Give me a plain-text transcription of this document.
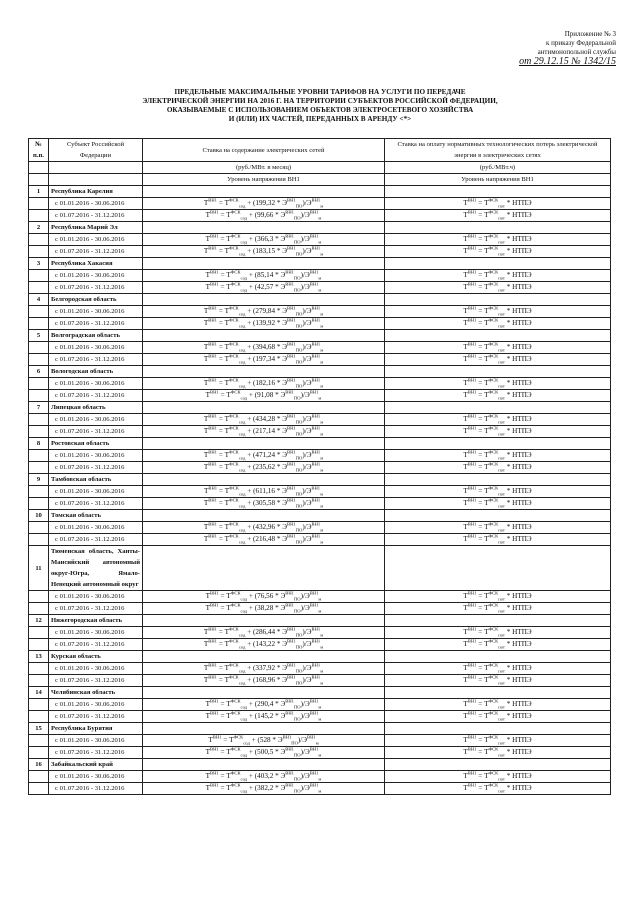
Приложение № 3
к приказу Федеральной
антимонопольной службы
от 29.12.15 № 1342/15
ПРЕДЕЛЬНЫЕ МАКСИМАЛЬНЫЕ УРОВНИ ТАРИФОВ НА УСЛУГИ ПО ПЕРЕДАЧЕ
ЭЛЕКТРИЧЕСКОЙ ЭНЕРГИИ НА 2016 Г. НА ТЕРРИТОРИИ СУБЪЕКТОВ РОССИЙСКОЙ ФЕДЕРАЦИИ,
ОКАЗЫВАЕМЫЕ С ИСПОЛЬЗОВАНИЕМ ОБЪЕКТОВ ЭЛЕКТРОСЕТЕВОГО ХОЗЯЙСТВА
И (ИЛИ) ИХ ЧАСТЕЙ, ПЕРЕДАННЫХ В АРЕНДУ <*>
№ п.п.	Субъект Российской Федерации	Ставка на содержание электрических сетей	Ставка на оплату нормативных технологических потерь электрической энергии в электрических сетях
		(руб./МВт. в месяц)	(руб./МВт.ч)
		Уровень напряжения ВН1	Уровень напряжения ВН1
1	Республика Карелия		
	с 01.01.2016 - 30.06.2016	$T^{ВН1} = T^{ФСК}_{сод} + (199,32 * Э^{ВН1}_{ПО})/Э^{ВН1}_м$	$T^{ВН1} = T^{ФСК}_{пот}$ * НТПЭ
	с 01.07.2016 - 31.12.2016	$T^{ВН1} = T^{ФСК}_{сод} + (99,66 * Э^{ВН1}_{ПО})/Э^{ВН1}_м$	$T^{ВН1} = T^{ФСК}_{пот}$ * НТПЭ
2	Республика Марий Эл		
	с 01.01.2016 - 30.06.2016	$T^{ВН1} = T^{ФСК}_{сод} + (366,3 * Э^{ВН1}_{ПО})/Э^{ВН1}_м$	$T^{ВН1} = T^{ФСК}_{пот}$ * НТПЭ
	с 01.07.2016 - 31.12.2016	$T^{ВН1} = T^{ФСК}_{сод} + (183,15 * Э^{ВН1}_{ПО})/Э^{ВН1}_м$	$T^{ВН1} = T^{ФСК}_{пот}$ * НТПЭ
3	Республика Хакасия		
	с 01.01.2016 - 30.06.2016	$T^{ВН1} = T^{ФСК}_{сод} + (85,14 * Э^{ВН1}_{ПО})/Э^{ВН1}_м$	$T^{ВН1} = T^{ФСК}_{пот}$ * НТПЭ
	с 01.07.2016 - 31.12.2016	$T^{ВН1} = T^{ФСК}_{сод} + (42,57 * Э^{ВН1}_{ПО})/Э^{ВН1}_м$	$T^{ВН1} = T^{ФСК}_{пот}$ * НТПЭ
4	Белгородская область		
	с 01.01.2016 - 30.06.2016	$T^{ВН1} = T^{ФСК}_{сод} + (279,84 * Э^{ВН1}_{ПО})/Э^{ВН1}_м$	$T^{ВН1} = T^{ФСК}_{пот}$ * НТПЭ
	с 01.07.2016 - 31.12.2016	$T^{ВН1} = T^{ФСК}_{сод} + (139,92 * Э^{ВН1}_{ПО})/Э^{ВН1}_м$	$T^{ВН1} = T^{ФСК}_{пот}$ * НТПЭ
5	Волгоградская область		
	с 01.01.2016 - 30.06.2016	$T^{ВН1} = T^{ФСК}_{сод} + (394,68 * Э^{ВН1}_{ПО})/Э^{ВН1}_м$	$T^{ВН1} = T^{ФСК}_{пот}$ * НТПЭ
	с 01.07.2016 - 31.12.2016	$T^{ВН1} = T^{ФСК}_{сод} + (197,34 * Э^{ВН1}_{ПО})/Э^{ВН1}_м$	$T^{ВН1} = T^{ФСК}_{пот}$ * НТПЭ
6	Вологодская область		
	с 01.01.2016 - 30.06.2016	$T^{ВН1} = T^{ФСК}_{сод} + (182,16 * Э^{ВН1}_{ПО})/Э^{ВН1}_м$	$T^{ВН1} = T^{ФСК}_{пот}$ * НТПЭ
	с 01.07.2016 - 31.12.2016	$T^{ВН1} = T^{ФСК}_{сод} + (91,08 * Э^{ВН1}_{ПО})/Э^{ВН1}_м$	$T^{ВН1} = T^{ФСК}_{пот}$ * НТПЭ
7	Липецкая область		
	с 01.01.2016 - 30.06.2016	$T^{ВН1} = T^{ФСК}_{сод} + (434,28 * Э^{ВН1}_{ПО})/Э^{ВН1}_м$	$T^{ВН1} = T^{ФСК}_{пот}$ * НТПЭ
	с 01.07.2016 - 31.12.2016	$T^{ВН1} = T^{ФСК}_{сод} + (217,14 * Э^{ВН1}_{ПО})/Э^{ВН1}_м$	$T^{ВН1} = T^{ФСК}_{пот}$ * НТПЭ
8	Ростовская область		
	с 01.01.2016 - 30.06.2016	$T^{ВН1} = T^{ФСК}_{сод} + (471,24 * Э^{ВН1}_{ПО})/Э^{ВН1}_м$	$T^{ВН1} = T^{ФСК}_{пот}$ * НТПЭ
	с 01.07.2016 - 31.12.2016	$T^{ВН1} = T^{ФСК}_{сод} + (235,62 * Э^{ВН1}_{ПО})/Э^{ВН1}_м$	$T^{ВН1} = T^{ФСК}_{пот}$ * НТПЭ
9	Тамбовская область		
	с 01.01.2016 - 30.06.2016	$T^{ВН1} = T^{ФСК}_{сод} + (611,16 * Э^{ВН1}_{ПО})/Э^{ВН1}_м$	$T^{ВН1} = T^{ФСК}_{пот}$ * НТПЭ
	с 01.07.2016 - 31.12.2016	$T^{ВН1} = T^{ФСК}_{сод} + (305,58 * Э^{ВН1}_{ПО})/Э^{ВН1}_м$	$T^{ВН1} = T^{ФСК}_{пот}$ * НТПЭ
10	Томская область		
	с 01.01.2016 - 30.06.2016	$T^{ВН1} = T^{ФСК}_{сод} + (432,96 * Э^{ВН1}_{ПО})/Э^{ВН1}_м$	$T^{ВН1} = T^{ФСК}_{пот}$ * НТПЭ
	с 01.07.2016 - 31.12.2016	$T^{ВН1} = T^{ФСК}_{сод} + (216,48 * Э^{ВН1}_{ПО})/Э^{ВН1}_м$	$T^{ВН1} = T^{ФСК}_{пот}$ * НТПЭ
11	Тюменская область, Ханты-Мансийский автономный округ-Югра, Ямало-Ненецкий автономный округ		
	с 01.01.2016 - 30.06.2016	$T^{ВН1} = T^{ФСК}_{сод} + (76,56 * Э^{ВН1}_{ПО})/Э^{ВН1}_м$	$T^{ВН1} = T^{ФСК}_{пот}$ * НТПЭ
	с 01.07.2016 - 31.12.2016	$T^{ВН1} = T^{ФСК}_{сод} + (38,28 * Э^{ВН1}_{ПО})/Э^{ВН1}_м$	$T^{ВН1} = T^{ФСК}_{пот}$ * НТПЭ
12	Нижегородская область		
	с 01.01.2016 - 30.06.2016	$T^{ВН1} = T^{ФСК}_{сод} + (286,44 * Э^{ВН1}_{ПО})/Э^{ВН1}_м$	$T^{ВН1} = T^{ФСК}_{пот}$ * НТПЭ
	с 01.07.2016 - 31.12.2016	$T^{ВН1} = T^{ФСК}_{сод} + (143,22 * Э^{ВН1}_{ПО})/Э^{ВН1}_м$	$T^{ВН1} = T^{ФСК}_{пот}$ * НТПЭ
13	Курская область		
	с 01.01.2016 - 30.06.2016	$T^{ВН1} = T^{ФСК}_{сод} + (337,92 * Э^{ВН1}_{ПО})/Э^{ВН1}_м$	$T^{ВН1} = T^{ФСК}_{пот}$ * НТПЭ
	с 01.07.2016 - 31.12.2016	$T^{ВН1} = T^{ФСК}_{сод} + (168,96 * Э^{ВН1}_{ПО})/Э^{ВН1}_м$	$T^{ВН1} = T^{ФСК}_{пот}$ * НТПЭ
14	Челябинская область		
	с 01.01.2016 - 30.06.2016	$T^{ВН1} = T^{ФСК}_{сод} + (290,4 * Э^{ВН1}_{ПО})/Э^{ВН1}_м$	$T^{ВН1} = T^{ФСК}_{пот}$ * НТПЭ
	с 01.07.2016 - 31.12.2016	$T^{ВН1} = T^{ФСК}_{сод} + (145,2 * Э^{ВН1}_{ПО})/Э^{ВН1}_м$	$T^{ВН1} = T^{ФСК}_{пот}$ * НТПЭ
15	Республика Бурятия		
	с 01.01.2016 - 30.06.2016	$T^{ВН1} = T^{ФСК}_{сод} + (528 * Э^{ВН1}_{ПО})/Э^{ВН1}_м$	$T^{ВН1} = T^{ФСК}_{пот}$ * НТПЭ
	с 01.07.2016 - 31.12.2016	$T^{ВН1} = T^{ФСК}_{сод} + (500,5 * Э^{ВН1}_{ПО})/Э^{ВН1}_м$	$T^{ВН1} = T^{ФСК}_{пот}$ * НТПЭ
16	Забайкальский край		
	с 01.01.2016 - 30.06.2016	$T^{ВН1} = T^{ФСК}_{сод} + (403,2 * Э^{ВН1}_{ПО})/Э^{ВН1}_м$	$T^{ВН1} = T^{ФСК}_{пот}$ * НТПЭ
	с 01.07.2016 - 31.12.2016	$T^{ВН1} = T^{ФСК}_{сод} + (382,2 * Э^{ВН1}_{ПО})/Э^{ВН1}_м$	$T^{ВН1} = T^{ФСК}_{пот}$ * НТПЭ
